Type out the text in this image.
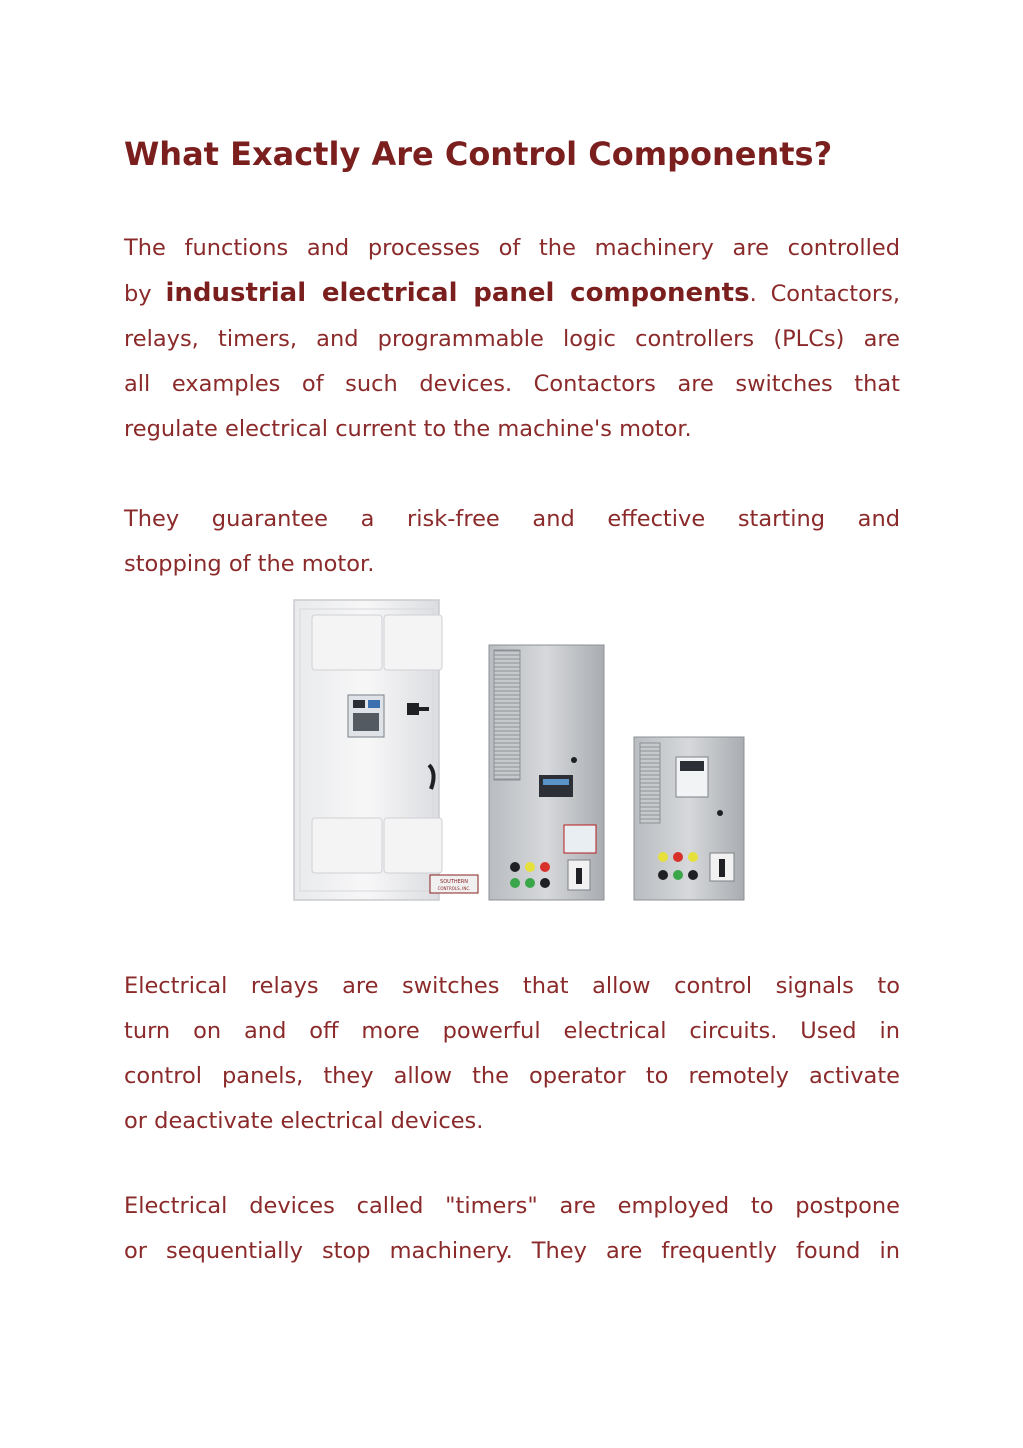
What Exactly Are Control Components?
The functions and processes of the machinery are controlled
by industrial electrical panel components. Contactors,
relays, timers, and programmable logic controllers (PLCs) are
all examples of such devices. Contactors are switches that
regulate electrical current to the machine's motor.
They guarantee a risk-free and effective starting and
stopping of the motor.
Electrical relays are switches that allow control signals to
turn on and off more powerful electrical circuits. Used in
control panels, they allow the operator to remotely activate
or deactivate electrical devices.
Electrical devices called "timers" are employed to postpone
or sequentially stop machinery. They are frequently found in
SOUTHERN
CONTROLS, INC.
